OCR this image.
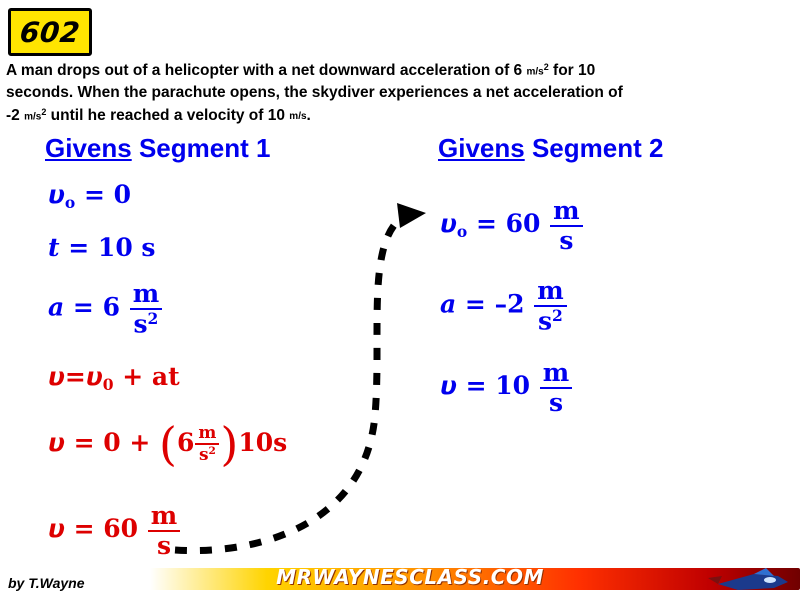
602
A man drops out of a helicopter with a net downward acceleration of 6 $m/s^2$ for 10
seconds. When the parachute opens, the skydiver experiences a net acceleration of
-2 $m/s^2$ until he reached a velocity of 10 m/s.
Givens Segment 1	Givens Segment 2
$\upsilon_o = 0$
t = 10 s
$a = 6 \frac{m}{s^2}$
$\upsilon=\upsilon_0$ + at
$\upsilon = 0 + (6 \frac{m}{s^2} )10s$
$\upsilon = 60 \frac{m}{s}$
$\upsilon_o = 60 \frac{m}{s}$
$a = -2 \frac{m}{s^2}$
$\upsilon = 10 \frac{m}{s}$
MRWAYNESCLASS.COM
by T.Wayne
